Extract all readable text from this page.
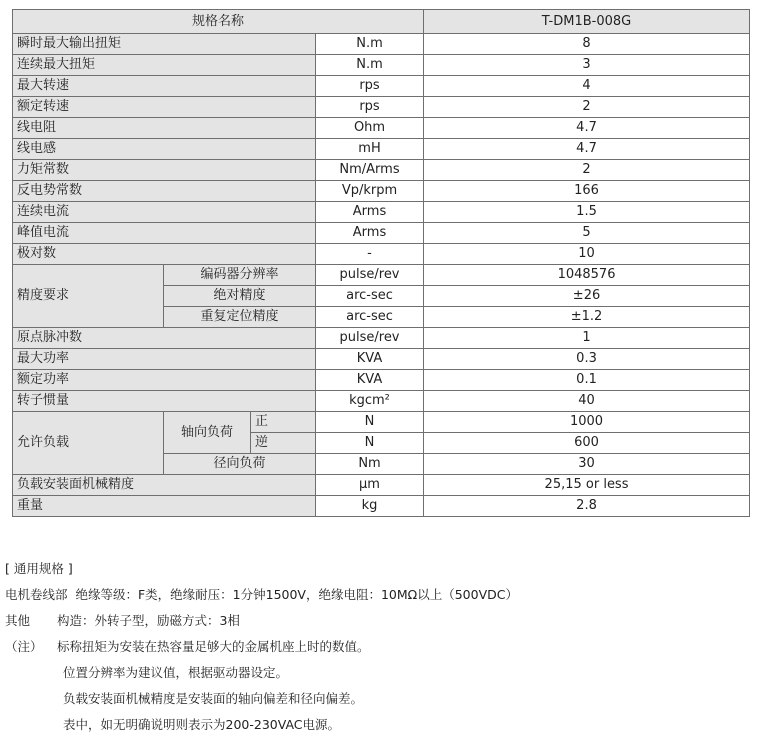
规格名称				T-DM1B-008G
瞬时最大输出扭矩			N.m	8
连续最大扭矩			N.m	3
最大转速			rps	4
额定转速			rps	2
线电阻			Ohm	4.7
线电感			mH	4.7
力矩常数			Nm/Arms	2
反电势常数			Vp/krpm	166
连续电流			Arms	1.5
峰值电流			Arms	5
极对数			-	10
精度要求	编码器分辨率		pulse/rev	1048576
	绝对精度		arc-sec	±26
	重复定位精度		arc-sec	±1.2
原点脉冲数			pulse/rev	1
最大功率			KVA	0.3
额定功率			KVA	0.1
转子惯量			kgcm²	40
允许负载	轴向负荷	正	N	1000
		逆	N	600
	径向负荷		Nm	30
负载安装面机械精度			μm	25,15 or less
重量			kg	2.8
[ 通用规格 ]
电机卷线部 绝缘等级：F类，绝缘耐压：1分钟1500V，绝缘电阻：10MΩ以上（500VDC）
其他 构造：外转子型，励磁方式：3相
（注） 标称扭矩为安装在热容量足够大的金属机座上时的数值。
位置分辨率为建议值，根据驱动器设定。
负载安装面机械精度是安装面的轴向偏差和径向偏差。
表中，如无明确说明则表示为200-230VAC电源。
